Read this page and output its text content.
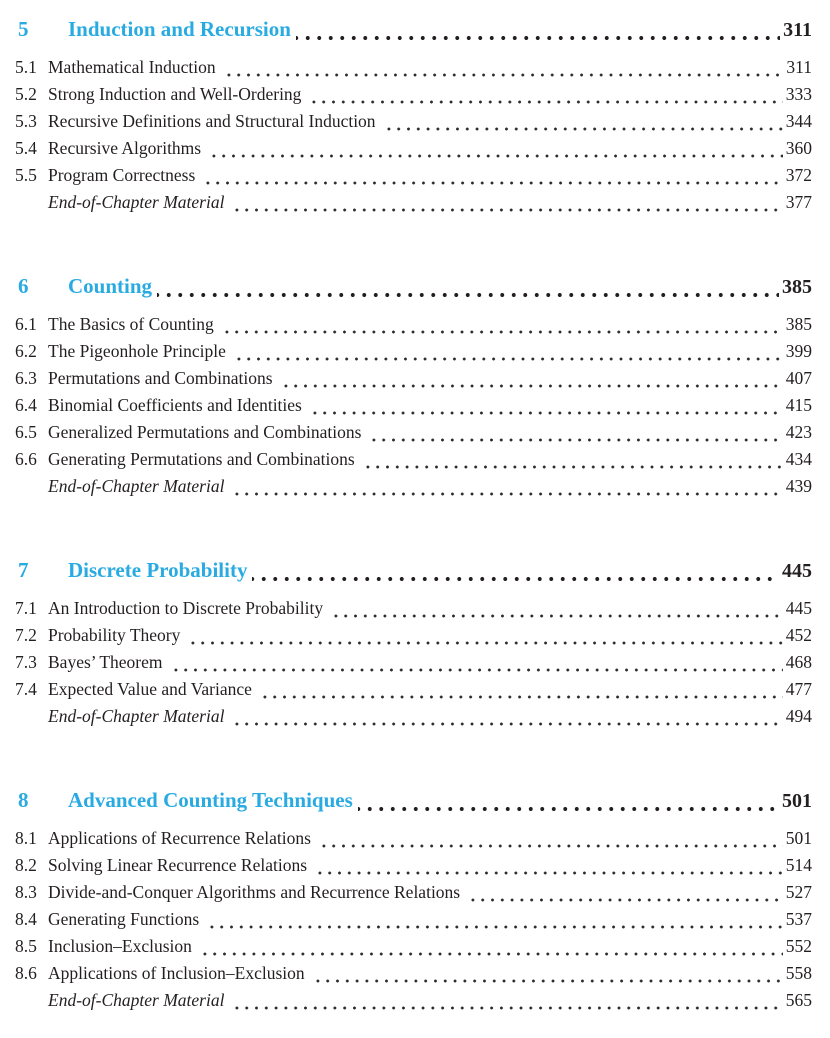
5	Induction and Recursion	311
5.1 Mathematical Induction	311
5.2 Strong Induction and Well-Ordering	333
5.3 Recursive Definitions and Structural Induction	344
5.4 Recursive Algorithms	360
5.5 Program Correctness	372
End-of-Chapter Material	377
6	Counting	385
6.1 The Basics of Counting	385
6.2 The Pigeonhole Principle	399
6.3 Permutations and Combinations	407
6.4 Binomial Coefficients and Identities	415
6.5 Generalized Permutations and Combinations	423
6.6 Generating Permutations and Combinations	434
End-of-Chapter Material	439
7	Discrete Probability	445
7.1 An Introduction to Discrete Probability	445
7.2 Probability Theory	452
7.3 Bayes’ Theorem	468
7.4 Expected Value and Variance	477
End-of-Chapter Material	494
8	Advanced Counting Techniques	501
8.1 Applications of Recurrence Relations	501
8.2 Solving Linear Recurrence Relations	514
8.3 Divide-and-Conquer Algorithms and Recurrence Relations	527
8.4 Generating Functions	537
8.5 Inclusion–Exclusion	552
8.6 Applications of Inclusion–Exclusion	558
End-of-Chapter Material	565
